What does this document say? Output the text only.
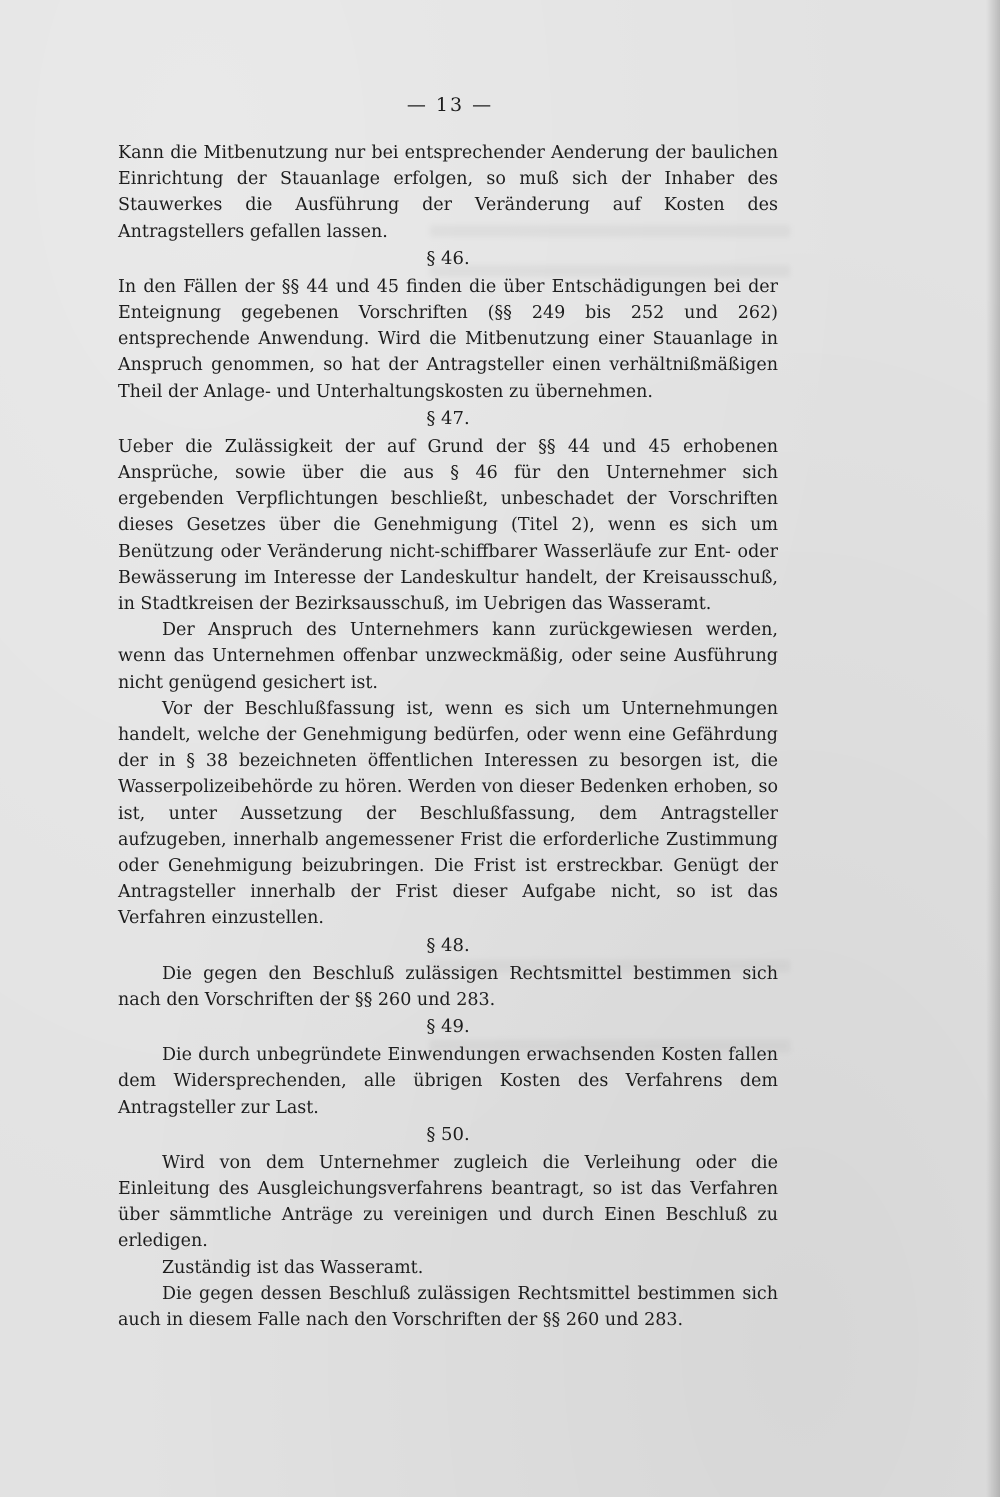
— 13 —

Kann die Mitbenutzung nur bei entsprechender Aenderung der baulichen Einrichtung der Stauanlage erfolgen, so muß sich der Inhaber des Stauwerkes die Ausführung der Veränderung auf Kosten des Antragstellers gefallen lassen.

§ 46.

In den Fällen der §§ 44 und 45 finden die über Entschädigungen bei der Enteignung gegebenen Vorschriften (§§ 249 bis 252 und 262) entsprechende Anwendung. Wird die Mitbenutzung einer Stauanlage in Anspruch genommen, so hat der Antragsteller einen verhältnißmäßigen Theil der Anlage- und Unterhaltungskosten zu übernehmen.

§ 47.

Ueber die Zulässigkeit der auf Grund der §§ 44 und 45 erhobenen Ansprüche, sowie über die aus § 46 für den Unternehmer sich ergebenden Verpflichtungen beschließt, unbeschadet der Vorschriften dieses Gesetzes über die Genehmigung (Titel 2), wenn es sich um Benützung oder Veränderung nicht-schiffbarer Wasserläufe zur Ent- oder Bewässerung im Interesse der Landeskultur handelt, der Kreisausschuß, in Stadtkreisen der Bezirksausschuß, im Uebrigen das Wasseramt.

Der Anspruch des Unternehmers kann zurückgewiesen werden, wenn das Unternehmen offenbar unzweckmäßig, oder seine Ausführung nicht genügend gesichert ist.

Vor der Beschlußfassung ist, wenn es sich um Unternehmungen handelt, welche der Genehmigung bedürfen, oder wenn eine Gefährdung der in § 38 bezeichneten öffentlichen Interessen zu besorgen ist, die Wasserpolizeibehörde zu hören. Werden von dieser Bedenken erhoben, so ist, unter Aussetzung der Beschlußfassung, dem Antragsteller aufzugeben, innerhalb angemessener Frist die erforderliche Zustimmung oder Genehmigung beizubringen. Die Frist ist erstreckbar. Genügt der Antragsteller innerhalb der Frist dieser Aufgabe nicht, so ist das Verfahren einzustellen.

§ 48.

Die gegen den Beschluß zulässigen Rechtsmittel bestimmen sich nach den Vorschriften der §§ 260 und 283.

§ 49.

Die durch unbegründete Einwendungen erwachsenden Kosten fallen dem Widersprechenden, alle übrigen Kosten des Verfahrens dem Antragsteller zur Last.

§ 50.

Wird von dem Unternehmer zugleich die Verleihung oder die Einleitung des Ausgleichungsverfahrens beantragt, so ist das Verfahren über sämmtliche Anträge zu vereinigen und durch Einen Beschluß zu erledigen.

Zuständig ist das Wasseramt.

Die gegen dessen Beschluß zulässigen Rechtsmittel bestimmen sich auch in diesem Falle nach den Vorschriften der §§ 260 und 283.
